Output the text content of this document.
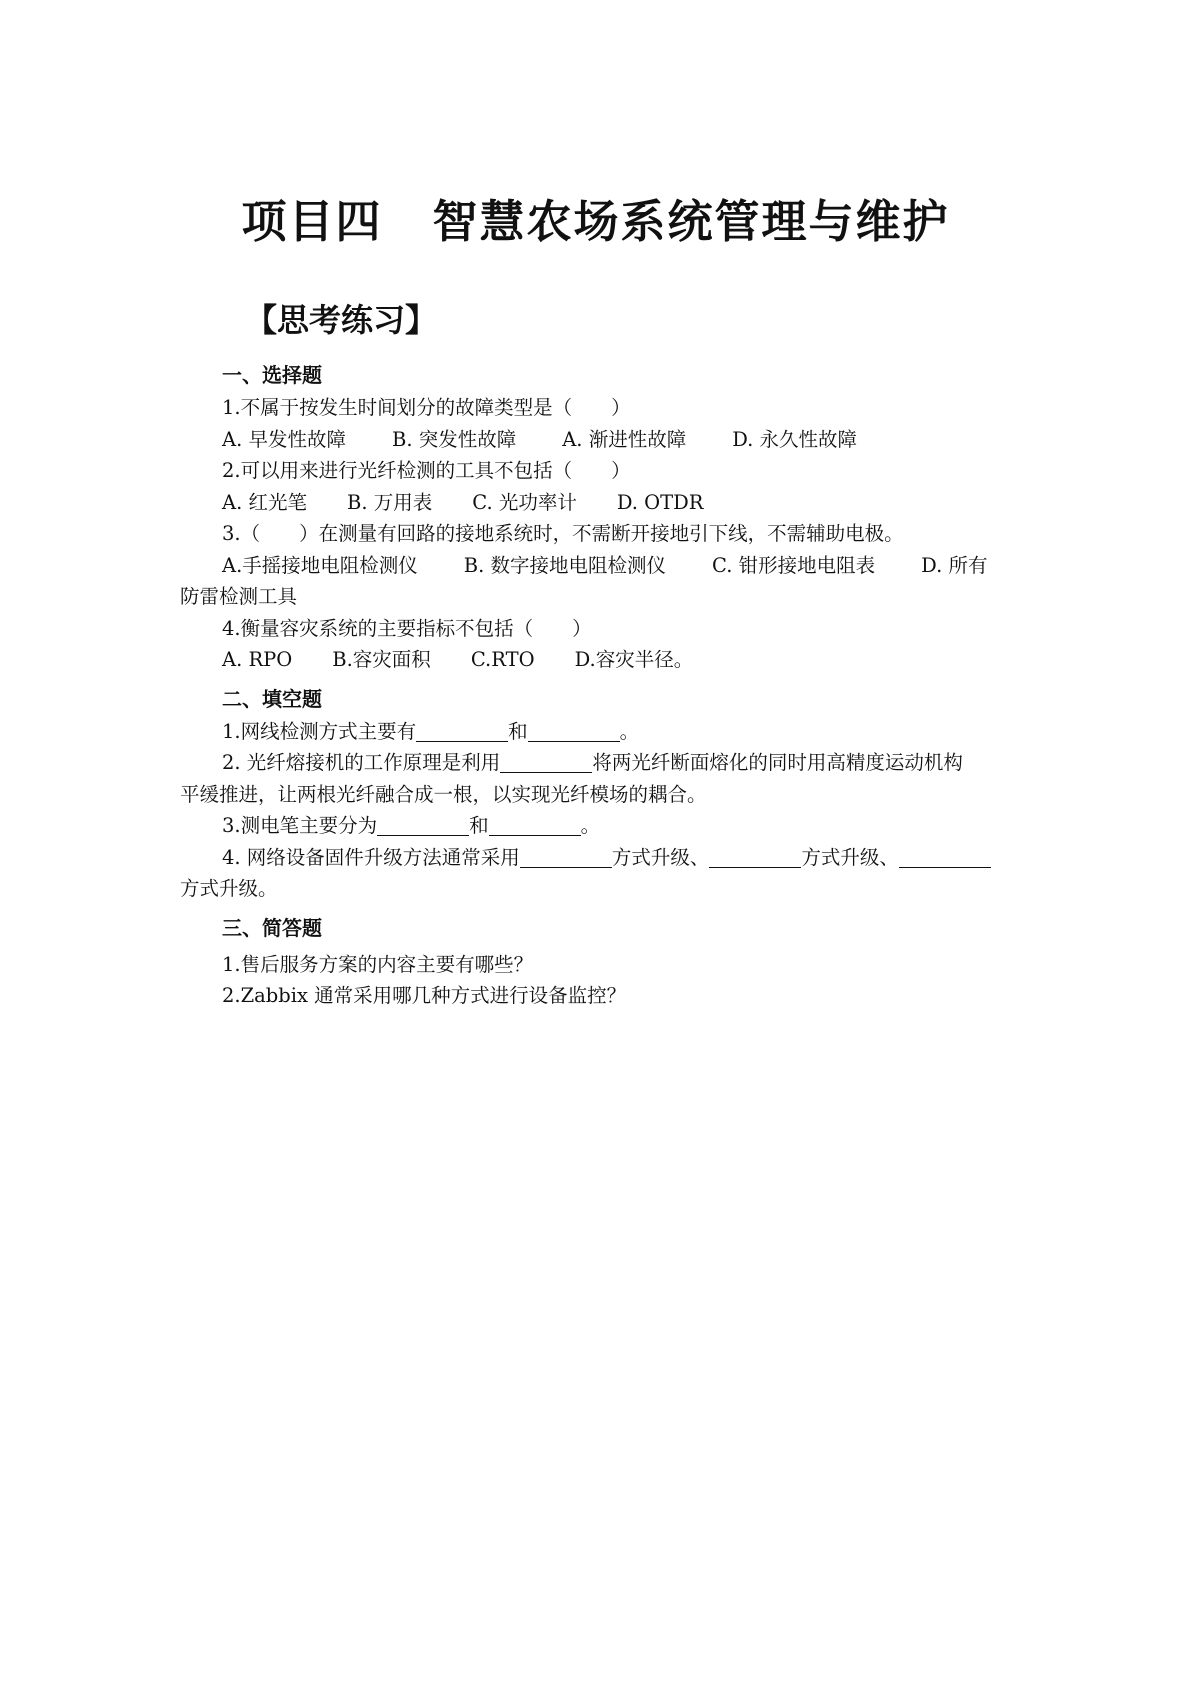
项目四 智慧农场系统管理与维护
【思考练习】

一、选择题

1.不属于按发生时间划分的故障类型是（　　）

A. 早发性故障 B. 突发性故障 A. 渐进性故障 D. 永久性故障

2.可以用来进行光纤检测的工具不包括（　　）

A. 红光笔 B. 万用表 C. 光功率计 D. OTDR

3.（　　）在测量有回路的接地系统时，不需断开接地引下线，不需辅助电极。

A.手摇接地电阻检测仪 B. 数字接地电阻检测仪 C. 钳形接地电阻表 D. 所有

防雷检测工具

4.衡量容灾系统的主要指标不包括（　　）

A. RPO B.容灾面积 C.RTO D.容灾半径。

二、填空题

1.网线检测方式主要有	和	。

2. 光纤熔接机的工作原理是利用	将两光纤断面熔化的同时用高精度运动机构

平缓推进，让两根光纤融合成一根，以实现光纤模场的耦合。

3.测电笔主要分为	和	。

4. 网络设备固件升级方法通常采用	方式升级、	方式升级、

方式升级。

三、简答题

1.售后服务方案的内容主要有哪些？

2.Zabbix 通常采用哪几种方式进行设备监控？
